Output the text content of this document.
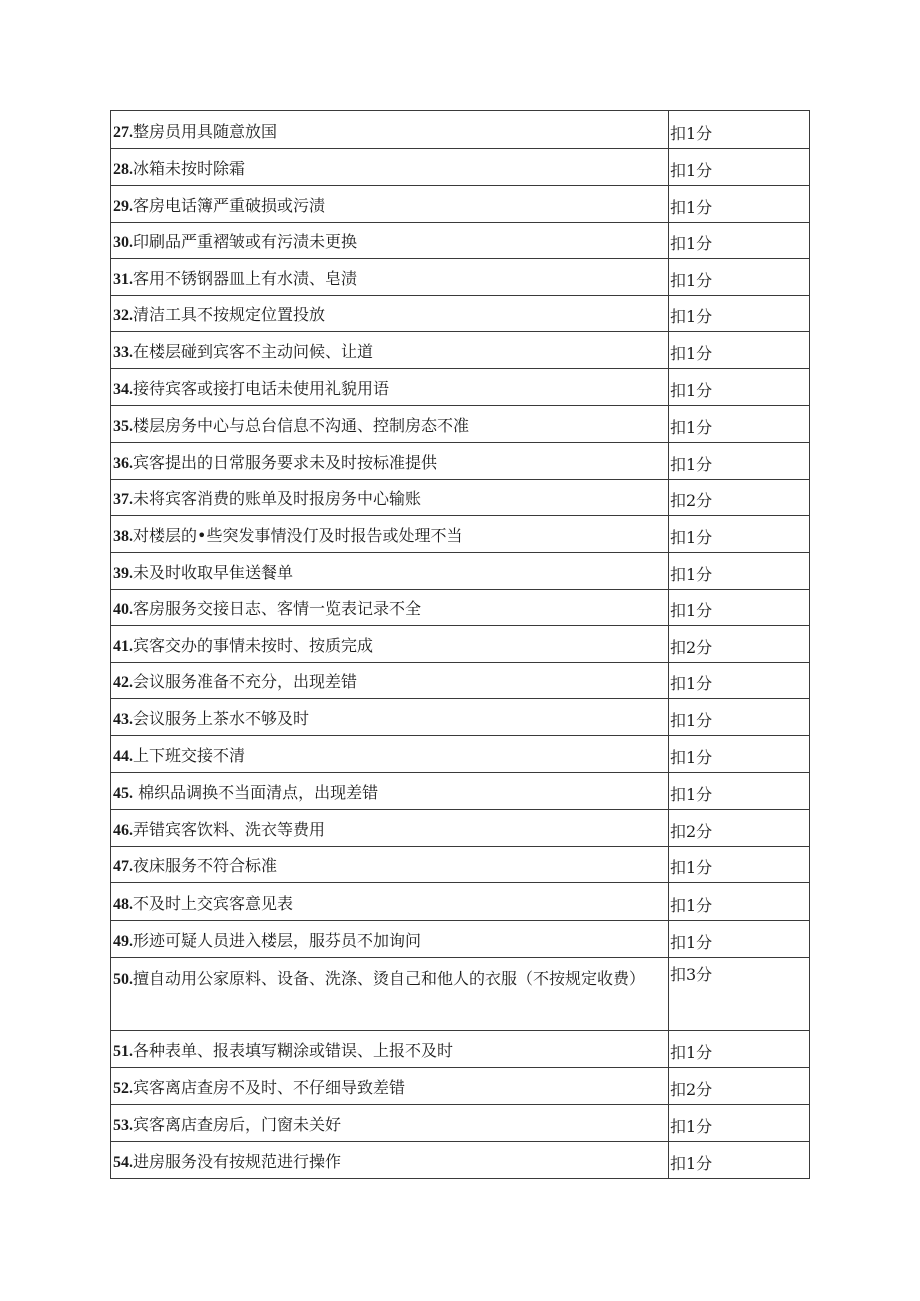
27.整房员用具随意放国	扣1分
28.冰箱未按时除霜	扣1分
29.客房电话簿严重破损或污渍	扣1分
30.印刷品严重褶皱或有污渍未更换	扣1分
31.客用不锈钢器皿上有水渍、皂渍	扣1分
32.清洁工具不按规定位置投放	扣1分
33.在楼层碰到宾客不主动问候、让道	扣1分
34.接待宾客或接打电话未使用礼貌用语	扣1分
35.楼层房务中心与总台信息不沟通、控制房态不准	扣1分
36.宾客提出的日常服务要求未及时按标准提供	扣1分
37.未将宾客消费的账单及时报房务中心输账	扣2分
38.对楼层的•些突发事情没仃及时报告或处理不当	扣1分
39.未及时收取早隹送餐单	扣1分
40.客房服务交接日志、客情一览表记录不全	扣1分
41.宾客交办的事情未按时、按质完成	扣2分
42.会议服务准备不充分，出现差错	扣1分
43.会议服务上茶水不够及时	扣1分
44.上下班交接不清	扣1分
45. 棉织品调换不当面清点，出现差错	扣1分
46.弄错宾客饮料、洗衣等费用	扣2分
47.夜床服务不符合标准	扣1分
48.不及时上交宾客意见表	扣1分
49.形迹可疑人员进入楼层，服芬员不加询问	扣1分
50.擅自动用公家原料、设备、洗涤、烫自己和他人的衣服（不按规定收费）	扣3分
51.各种表单、报表填写糊涂或错误、上报不及时	扣1分
52.宾客离店查房不及时、不仔细导致差错	扣2分
53.宾客离店查房后，门窗未关好	扣1分
54.进房服务没有按规范进行操作	扣1分
